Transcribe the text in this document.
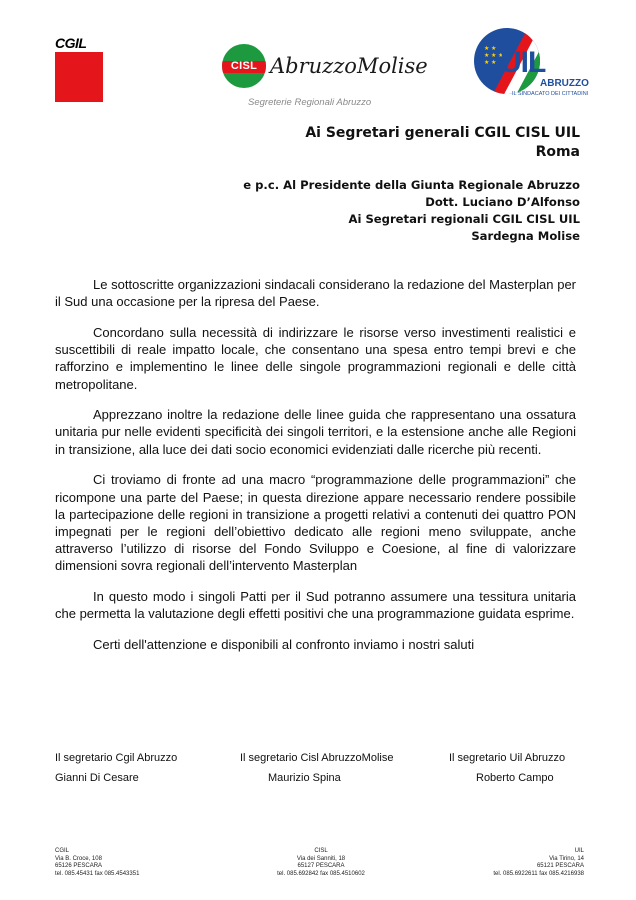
CGIL
CISL AbruzzoMolise
Segreterie Regionali Abruzzo
★ ★
★ ★ ★
★ ★ UIL
ABRUZZO
IL SINDACATO DEI CITTADINI
Ai Segretari generali CGIL CISL UIL
Roma
e p.c. Al Presidente della Giunta Regionale Abruzzo
Dott. Luciano D’Alfonso
Ai Segretari regionali CGIL CISL UIL
Sardegna Molise

Le sottoscritte organizzazioni sindacali considerano la redazione del Masterplan per il Sud una occasione per la ripresa del Paese.

Concordano sulla necessità di indirizzare le risorse verso investimenti realistici e suscettibili di reale impatto locale, che consentano una spesa entro tempi brevi e che rafforzino e implementino le linee delle singole programmazioni regionali e delle città metropolitane.

Apprezzano inoltre la redazione delle linee guida che rappresentano una ossatura unitaria pur nelle evidenti specificità dei singoli territori, e la estensione anche alle Regioni in transizione, alla luce dei dati socio economici evidenziati dalle ricerche più recenti.

Ci troviamo di fronte ad una macro “programmazione delle programmazioni” che ricompone una parte del Paese; in questa direzione appare necessario rendere possibile la partecipazione delle regioni in transizione a progetti relativi a contenuti dei quattro PON impegnati per le regioni dell’obiettivo dedicato alle regioni meno sviluppate, anche attraverso l’utilizzo di risorse del Fondo Sviluppo e Coesione, al fine di valorizzare dimensioni sovra regionali dell’intervento Masterplan

In questo modo i singoli Patti per il Sud potranno assumere una tessitura unitaria che permetta la valutazione degli effetti positivi che una programmazione guidata esprime.

Certi dell'attenzione e disponibili al confronto inviamo i nostri saluti

Il segretario Cgil Abruzzo
Gianni Di Cesare
Il segretario Cisl AbruzzoMolise
Maurizio Spina
Il segretario Uil Abruzzo
Roberto Campo
CGIL
Via B. Croce, 108
65126 PESCARA
tel. 085.45431 fax 085.4543351
CISL
Via dei Sanniti, 18
65127 PESCARA
tel. 085.692842 fax 085.4510602
UIL
Via Tirino, 14
65121 PESCARA
tel. 085.6922611 fax 085.4216938
